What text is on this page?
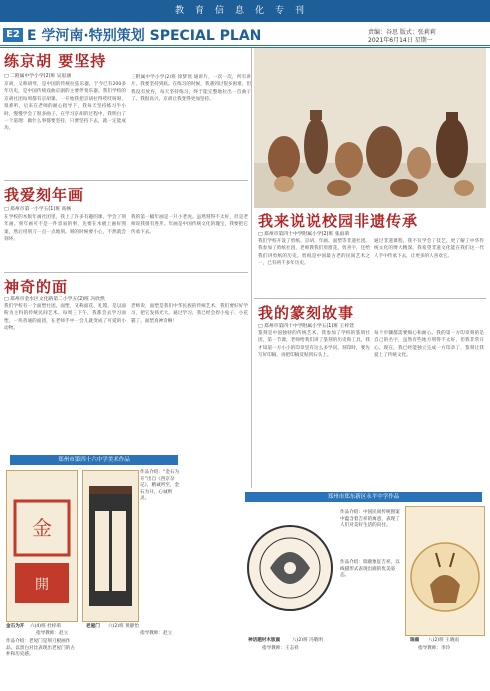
教育信息化专刊
E2 E 学河南·特别策划 SPECIAL PLAN	责编：谷思 版式：张莉莉
2021年6月14日 星期一
练京胡 要坚持
□ 二附属中学小学(2)班 吴思涵
京胡，又称胡琴，是中国的传统拉弦乐器，于今已有200多年历史，是中国传统戏曲京剧的主要伴奏乐器。我们学校的京胡社团每周都有京胡课。一开始我把京胡拉得吱吱呀呀，很难听，后来在老师的耐心指导下，我每天坚持练习半小时，慢慢学会了很多曲子。在学习京胡的过程中，我明白了一个道理：做什么事都要坚持，只要坚持下去，就一定能成功。
三附属中学小学(2)班 徐梦瑶 通讲片，一次一次，所有讲片，我要坚持到底。在练习的时候，我遇到过很多困难，但我没有放弃，每天坚持练习，终于能完整地拉出一首曲子了。我很高兴，京胡让我变得更加坚持。
我爱刻年画
□ 郑州市第一小学五(1)班 高畅
在学校的木版年画社团里，我上了许多有趣的课，学会了刻年画。刻年画可不是一件容易的事，先要在木板上画好图案，然后用刻刀一点一点地刻。刻的时候要小心，不然就会刻坏。
我的第一幅年画是一只小老虎。虽然刻得不太好，但是老师说我很有进步。年画是中国传统文化的瑰宝，我要把它传承下去。
神奇的面
□ 郑州市金水区文化路第二小学五(2)班 冯欣然
我们学校有一个面塑社团。面塑，又称面花、礼馍，是以面粉为主料的传统民间艺术。每周三下午，我都会去学习面塑。一块普通的面团，在老师手中一会儿就变成了可爱的小动物。
老师说，面塑是我们中华民族的传统艺术，我们要好好学习，把它发扬光大。通过学习，我已经会捏小兔子、小花猫了。面塑真神奇啊！
我来说说校园非遗传承
□ 郑州市第四十中学附属小学(2)班 张雨萌
我们学校开设了剪纸、京胡、年画、面塑等非遗社团。我参加了剪纸社团，老师教我们剪窗花、剪喜字，还给我们讲剪纸的历史。剪纸是中国最古老的民间艺术之一，已有两千多年历史。
通过非遗课程，我不仅学会了技艺，更了解了中华传统文化的博大精深。我希望非遗文化能在我们这一代人手中传承下去，让更多的人喜欢它。
我的篆刻故事
□ 郑州市第四十中学附属小学五(1)班 王梓萱
篆刻是中国独特的传统艺术，我参加了学校的篆刻社团。第一节课，老师给我们讲了篆刻的历史和工具，我才知道一方小小的印章里有这么多学问。刻印时，要先写好印稿，再把印稿反贴到石头上。
每个步骤都需要细心和耐心。我的第一方印章刻的是自己的名字，虽然有些地方刻得不太好，但我非常开心。现在，我已经能独立完成一方印章了，篆刻让我爱上了传统文化。
郑州市第四十六中学美术作品
金
開
作品介绍：“金石为开”出自《西京杂记》，精诚所至，金石为开，心诚则灵。
金石为开 六(4)班 杜梓萌
指导教师：赵立
作品介绍：老屋门是刻刀板画作品，以黑白对比表现出老屋门的古朴和历史感。
老屋门 六(2)班 黄静怡
指导教师：赵立
郑州市郑东新区永平中学作品
作品介绍：中国民间传统图案中蕴含着吉祥的寓意，表现了人们对美好生活的向往。
作品介绍：瑞鹿象征吉祥，以线描形式表现出鹿的优美姿态。
神话题材木版画	八(2)班 冯敬明
指导教师：王志祥
瑞鹿 八(2)班 王晓雨
指导教师：李玲
